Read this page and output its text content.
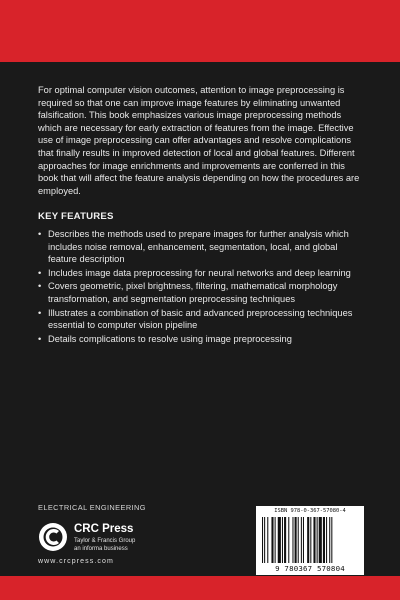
For optimal computer vision outcomes, attention to image preprocessing is required so that one can improve image features by eliminating unwanted falsification. This book emphasizes various image preprocessing methods which are necessary for early extraction of features from the image. Effective use of image preprocessing can offer advantages and resolve complications that finally results in improved detection of local and global features. Different approaches for image enrichments and improvements are conferred in this book that will affect the feature analysis depending on how the procedures are employed.

KEY FEATURES
• Describes the methods used to prepare images for further analysis which includes noise removal, enhancement, segmentation, local, and global feature description
• Includes image data preprocessing for neural networks and deep learning
• Covers geometric, pixel brightness, filtering, mathematical morphology transformation, and segmentation preprocessing techniques
• Illustrates a combination of basic and advanced preprocessing techniques essential to computer vision pipeline
• Details complications to resolve using image preprocessing
ELECTRICAL ENGINEERING
CRC Press
Taylor & Francis Group
an informa business
www.crcpress.com
ISBN 978-0-367-57080-4
9 780367 570804
